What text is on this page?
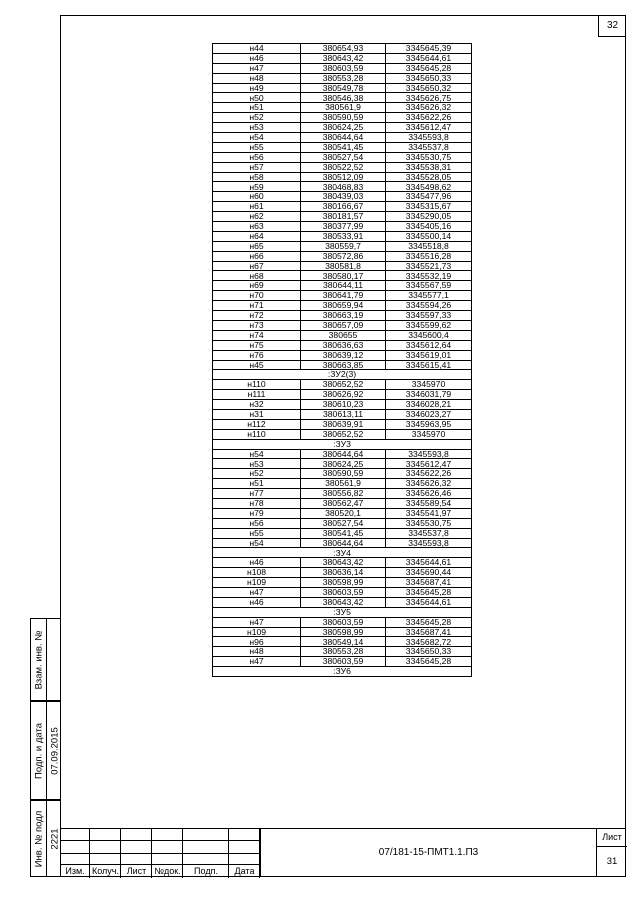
32
н44	380654,93	3345645,39
н46	380643,42	3345644,61
н47	380603,59	3345645,28
н48	380553,28	3345650,33
н49	380549,78	3345650,32
н50	380546,38	3345626,75
н51	380561,9	3345626,32
н52	380590,59	3345622,26
н53	380624,25	3345612,47
н54	380644,64	3345593,8
н55	380541,45	3345537,8
н56	380527,54	3345530,75
н57	380522,52	3345538,31
н58	380512,09	3345528,05
н59	380468,83	3345498,62
н60	380439,03	3345477,96
н61	380166,67	3345315,67
н62	380181,57	3345290,05
н63	380377,99	3345405,16
н64	380533,91	3345500,14
н65	380559,7	3345518,8
н66	380572,86	3345516,28
н67	380581,8	3345521,73
н68	380580,17	3345532,19
н69	380644,11	3345567,59
н70	380641,79	3345577,1
н71	380659,94	3345594,26
н72	380663,19	3345597,33
н73	380657,09	3345599,62
н74	380655	3345600,4
н75	380636,63	3345612,64
н76	380639,12	3345619,01
н45	380663,85	3345615,41
:ЗУ2(3)		
н110	380652,52	3345970
н111	380626,92	3346031,79
н32	380610,23	3346028,21
н31	380613,11	3346023,27
н112	380639,91	3345963,95
н110	380652,52	3345970
:ЗУ3		
н54	380644,64	3345593,8
н53	380624,25	3345612,47
н52	380590,59	3345622,26
н51	380561,9	3345626,32
н77	380556,82	3345626,46
н78	380562,47	3345589,54
н79	380520,1	3345541,97
н56	380527,54	3345530,75
н55	380541,45	3345537,8
н54	380644,64	3345593,8
:ЗУ4		
н46	380643,42	3345644,61
н108	380636,14	3345690,44
н109	380598,99	3345687,41
н47	380603,59	3345645,28
н46	380643,42	3345644,61
:ЗУ5		
н47	380603,59	3345645,28
н109	380598,99	3345687,41
н96	380549,14	3345682,72
н48	380553,28	3345650,33
н47	380603,59	3345645,28
:ЗУ6		
Взам. инв. №
Подп. и дата 07.09.2015
Инв. № подл 2221
Изм. Колуч. Лист №док.	Подп.	Дата
07/181-15-ПМТ1.1.П3
Лист
31
